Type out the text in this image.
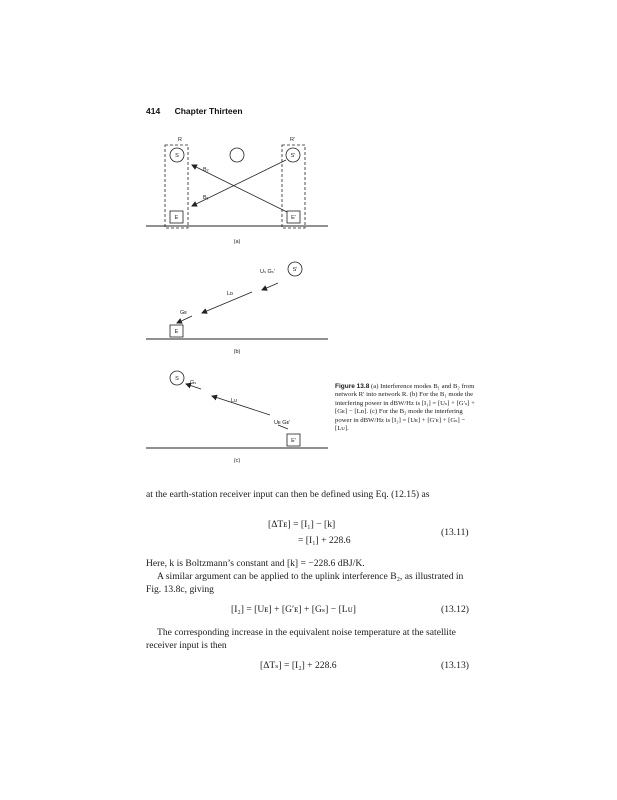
414 Chapter Thirteen
R	R'
S	S'
E	E'
B₂
B₁
(a)
S'
Uₛ Gₛ'
Lᴅ
Gᴇ
E
(b)
S
Gₛ
Lᴜ
Uᴇ Gᴇ'
E'
(c)
Figure 13.8 (a) Interference modes B₁ and B₂ from network R′ into network R. (b) For the B₁ mode the interfering power in dBW/Hz is [I₁] = [Uₛ] + [G′ₛ] + [Gᴇ] − [Lᴅ]. (c) For the B₂ mode the interfering power in dBW/Hz is [I₂] = [Uᴇ] + [G′ᴇ] + [Gₛ] − [Lᴜ].
at the earth-station receiver input can then be defined using Eq. (12.15) as
[ΔTᴇ] = [I₁] − [k]
= [I₁] + 228.6
(13.11)
Here, k is Boltzmann’s constant and [k] = −228.6 dBJ/K.
A similar argument can be applied to the uplink interference B₂, as illustrated in Fig. 13.8c, giving
[I₂] = [Uᴇ] + [G′ᴇ] + [Gₛ] − [Lᴜ]	(13.12)
The corresponding increase in the equivalent noise temperature at the satellite receiver input is then
[ΔTₛ] = [I₂] + 228.6	(13.13)
